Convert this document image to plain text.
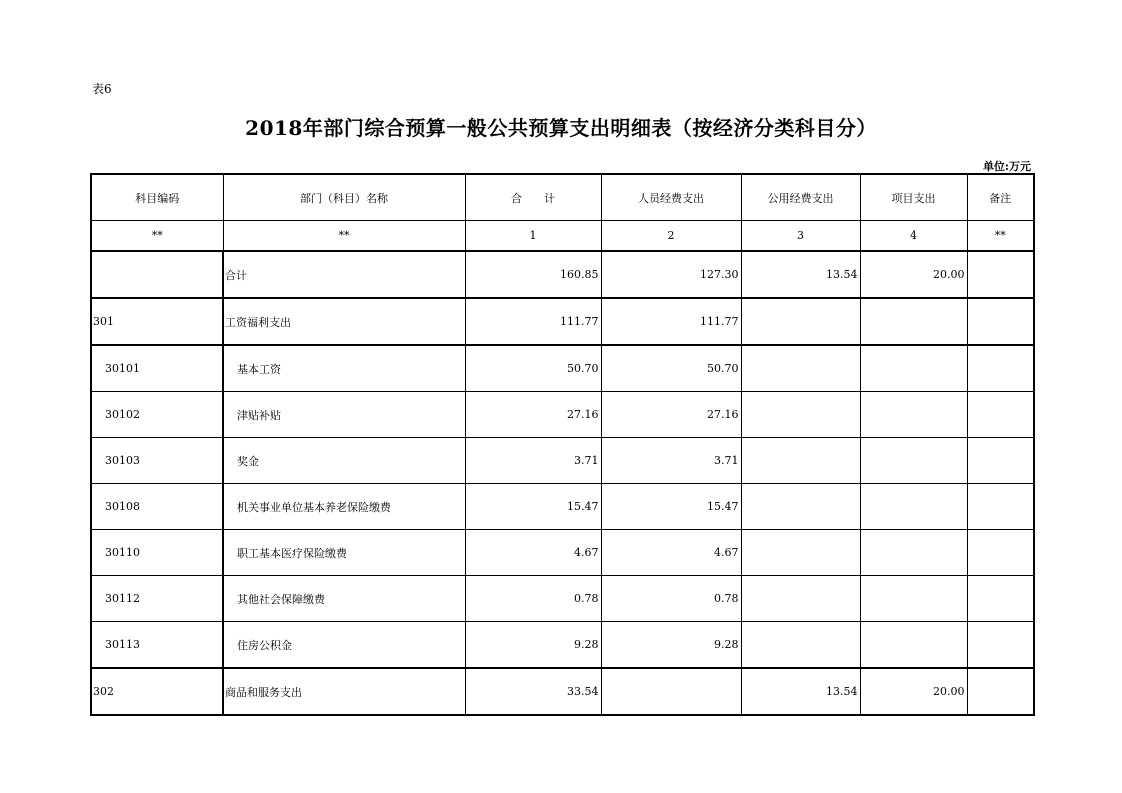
表6
2018年部门综合预算一般公共预算支出明细表（按经济分类科目分）
单位:万元
科目编码	部门（科目）名称	合　　计	人员经费支出	公用经费支出	项目支出	备注
**	**	1	2	3	4	**
	合计	160.85	127.30	13.54	20.00	
301	工资福利支出	111.77	111.77			
30101	基本工资	50.70	50.70			
30102	津贴补贴	27.16	27.16			
30103	奖金	3.71	3.71			
30108	机关事业单位基本养老保险缴费	15.47	15.47			
30110	职工基本医疗保险缴费	4.67	4.67			
30112	其他社会保障缴费	0.78	0.78			
30113	住房公积金	9.28	9.28			
302	商品和服务支出	33.54		13.54	20.00	
